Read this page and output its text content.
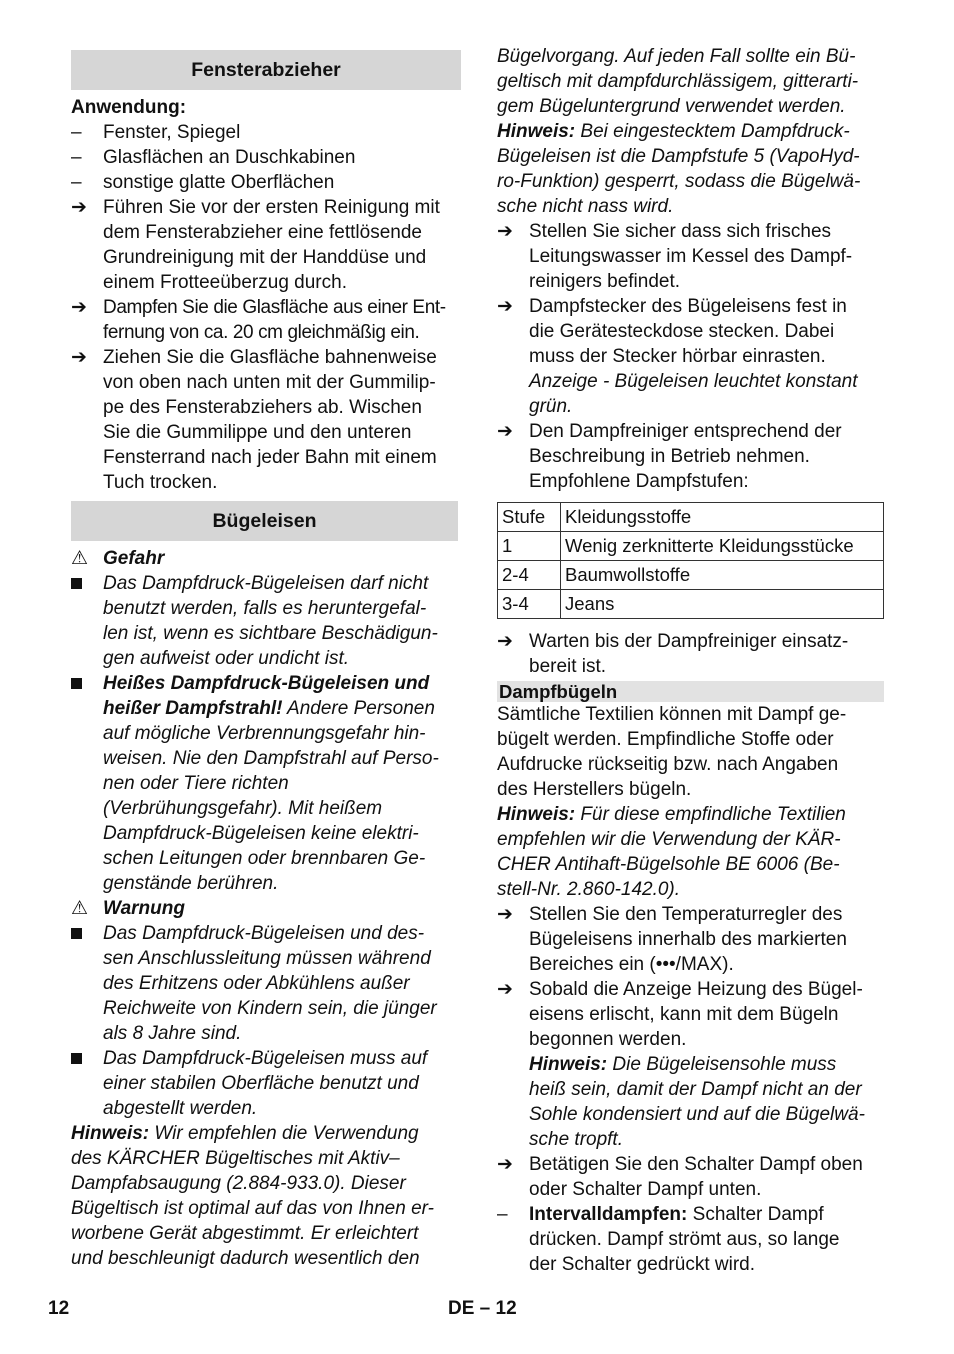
Fensterabzieher
Anwendung:
–	Fenster, Spiegel
–	Glasflächen an Duschkabinen
–	sonstige glatte Oberflächen
➔ Führen Sie vor der ersten Reinigung mit
dem Fensterabzieher eine fettlösende
Grundreinigung mit der Handdüse und
einem Frotteeüberzug durch.
➔ Dampfen Sie die Glasfläche aus einer Ent-
fernung von ca. 20 cm gleichmäßig ein.
➔ Ziehen Sie die Glasfläche bahnenweise
von oben nach unten mit der Gummilip-
pe des Fensterabziehers ab. Wischen
Sie die Gummilippe und den unteren
Fensterrand nach jeder Bahn mit einem
Tuch trocken.
Bügeleisen
⚠ Gefahr
Das Dampfdruck-Bügeleisen darf nicht
benutzt werden, falls es heruntergefal-
len ist, wenn es sichtbare Beschädigun-
gen aufweist oder undicht ist.
Heißes Dampfdruck-Bügeleisen und
heißer Dampfstrahl! Andere Personen
auf mögliche Verbrennungsgefahr hin-
weisen. Nie den Dampfstrahl auf Perso-
nen oder Tiere richten
(Verbrühungsgefahr). Mit heißem
Dampfdruck-Bügeleisen keine elektri-
schen Leitungen oder brennbaren Ge-
genstände berühren.
⚠ Warnung
Das Dampfdruck-Bügeleisen und des-
sen Anschlussleitung müssen während
des Erhitzens oder Abkühlens außer
Reichweite von Kindern sein, die jünger
als 8 Jahre sind.
Das Dampfdruck-Bügeleisen muss auf
einer stabilen Oberfläche benutzt und
abgestellt werden.
Hinweis: Wir empfehlen die Verwendung
des KÄRCHER Bügeltisches mit Aktiv–
Dampfabsaugung (2.884-933.0). Dieser
Bügeltisch ist optimal auf das von Ihnen er-
worbene Gerät abgestimmt. Er erleichtert
und beschleunigt dadurch wesentlich den
Bügelvorgang. Auf jeden Fall sollte ein Bü-
geltisch mit dampfdurchlässigem, gitterarti-
gem Bügeluntergrund verwendet werden.
Hinweis: Bei eingestecktem Dampfdruck-
Bügeleisen ist die Dampfstufe 5 (VapoHyd-
ro-Funktion) gesperrt, sodass die Bügelwä-
sche nicht nass wird.
➔ Stellen Sie sicher dass sich frisches
Leitungswasser im Kessel des Dampf-
reinigers befindet.
➔ Dampfstecker des Bügeleisens fest in
die Gerätesteckdose stecken. Dabei
muss der Stecker hörbar einrasten.
Anzeige - Bügeleisen leuchtet konstant
grün.
➔ Den Dampfreiniger entsprechend der
Beschreibung in Betrieb nehmen.
Empfohlene Dampfstufen:
Stufe	Kleidungsstoffe
1	Wenig zerknitterte Kleidungsstücke
2-4	Baumwollstoffe
3-4	Jeans
➔ Warten bis der Dampfreiniger einsatz-
bereit ist.
Dampfbügeln
Sämtliche Textilien können mit Dampf ge-
bügelt werden. Empfindliche Stoffe oder
Aufdrucke rückseitig bzw. nach Angaben
des Herstellers bügeln.
Hinweis: Für diese empfindliche Textilien
empfehlen wir die Verwendung der KÄR-
CHER Antihaft-Bügelsohle BE 6006 (Be-
stell-Nr. 2.860-142.0).
➔ Stellen Sie den Temperaturregler des
Bügeleisens innerhalb des markierten
Bereiches ein (•••/MAX).
➔ Sobald die Anzeige Heizung des Bügel-
eisens erlischt, kann mit dem Bügeln
begonnen werden.
Hinweis: Die Bügeleisensohle muss
heiß sein, damit der Dampf nicht an der
Sohle kondensiert und auf die Bügelwä-
sche tropft.
➔ Betätigen Sie den Schalter Dampf oben
oder Schalter Dampf unten.
–	Intervalldampfen: Schalter Dampf
drücken. Dampf strömt aus, so lange
der Schalter gedrückt wird.
12	DE – 12
